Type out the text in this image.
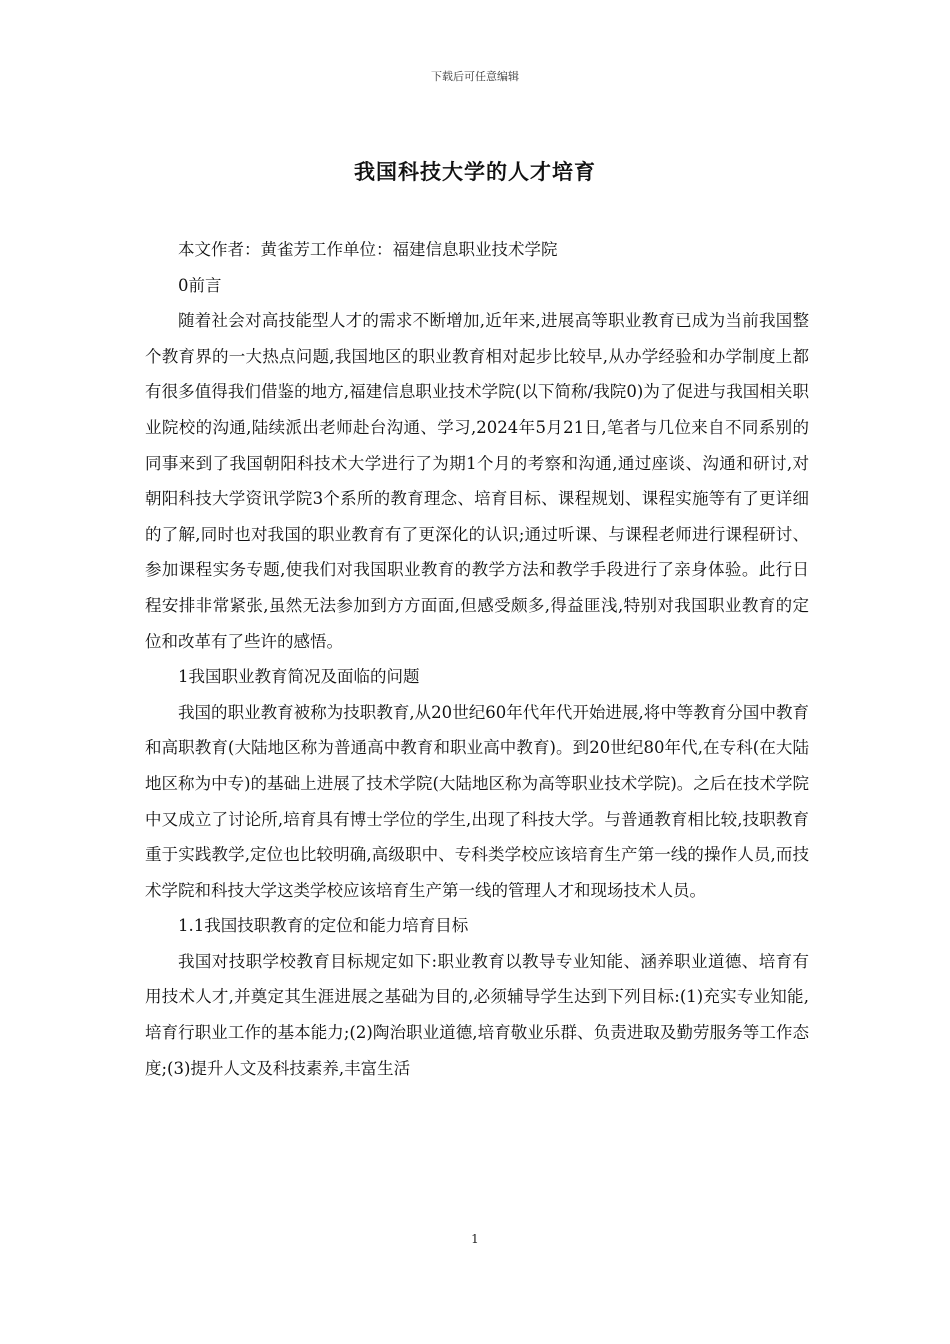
下载后可任意编辑
我国科技大学的人才培育

本文作者：黄雀芳工作单位：福建信息职业技术学院

0前言

随着社会对高技能型人才的需求不断增加,近年来,进展高等职业教育已成为当前我国整个教育界的一大热点问题,我国地区的职业教育相对起步比较早,从办学经验和办学制度上都有很多值得我们借鉴的地方,福建信息职业技术学院(以下简称/我院0)为了促进与我国相关职业院校的沟通,陆续派出老师赴台沟通、学习,2024年5月21日,笔者与几位来自不同系别的同事来到了我国朝阳科技术大学进行了为期1个月的考察和沟通,通过座谈、沟通和研讨,对朝阳科技大学资讯学院3个系所的教育理念、培育目标、课程规划、课程实施等有了更详细的了解,同时也对我国的职业教育有了更深化的认识;通过听课、与课程老师进行课程研讨、参加课程实务专题,使我们对我国职业教育的教学方法和教学手段进行了亲身体验。此行日程安排非常紧张,虽然无法参加到方方面面,但感受颇多,得益匪浅,特别对我国职业教育的定位和改革有了些许的感悟。

1我国职业教育简况及面临的问题

我国的职业教育被称为技职教育,从20世纪60年代年代开始进展,将中等教育分国中教育和高职教育(大陆地区称为普通高中教育和职业高中教育)。到20世纪80年代,在专科(在大陆地区称为中专)的基础上进展了技术学院(大陆地区称为高等职业技术学院)。之后在技术学院中又成立了讨论所,培育具有博士学位的学生,出现了科技大学。与普通教育相比较,技职教育重于实践教学,定位也比较明确,高级职中、专科类学校应该培育生产第一线的操作人员,而技术学院和科技大学这类学校应该培育生产第一线的管理人才和现场技术人员。

1.1我国技职教育的定位和能力培育目标

我国对技职学校教育目标规定如下:职业教育以教导专业知能、涵养职业道德、培育有用技术人才,并奠定其生涯进展之基础为目的,必须辅导学生达到下列目标:(1)充实专业知能,培育行职业工作的基本能力;(2)陶治职业道德,培育敬业乐群、负责进取及勤劳服务等工作态度;(3)提升人文及科技素养,丰富生活

1
